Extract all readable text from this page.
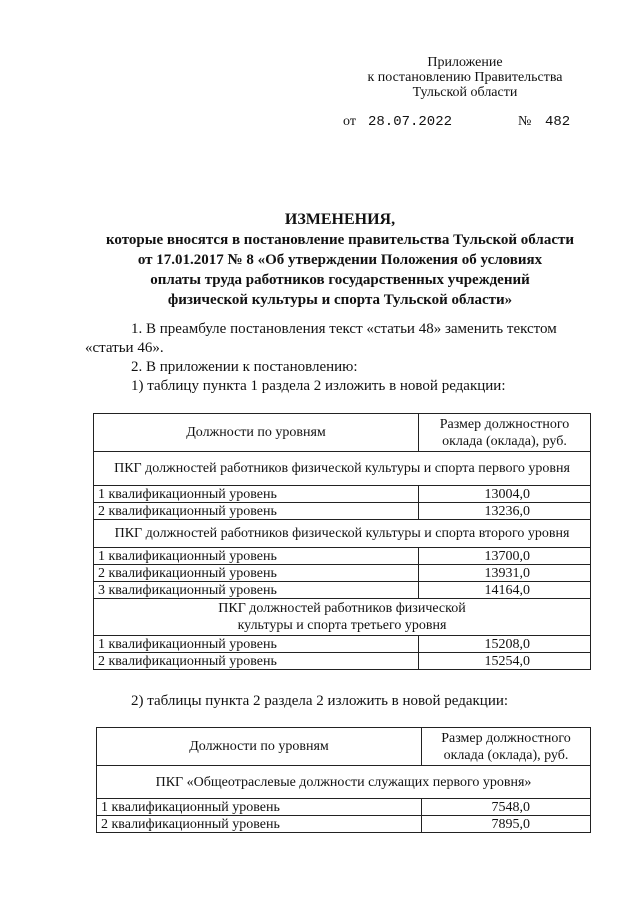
Приложение
к постановлению Правительства
Тульской области
от 28.07.2022	№ 482
ИЗМЕНЕНИЯ,
которые вносятся в постановление правительства Тульской области
от 17.01.2017 № 8 «Об утверждении Положения об условиях
оплаты труда работников государственных учреждений
физической культуры и спорта Тульской области»
1. В преамбуле постановления текст «статьи 48» заменить текстом
«статьи 46».
2. В приложении к постановлению:
1) таблицу пункта 1 раздела 2 изложить в новой редакции:
Должности по уровням	Размер должностного оклада (оклада), руб.
ПКГ должностей работников физической культуры и спорта первого уровня	
1 квалификационный уровень	13004,0
2 квалификационный уровень	13236,0
ПКГ должностей работников физической культуры и спорта второго уровня	
1 квалификационный уровень	13700,0
2 квалификационный уровень	13931,0
3 квалификационный уровень	14164,0
ПКГ должностей работников физической культуры и спорта третьего уровня	
1 квалификационный уровень	15208,0
2 квалификационный уровень	15254,0
2) таблицы пункта 2 раздела 2 изложить в новой редакции:
Должности по уровням	Размер должностного оклада (оклада), руб.
ПКГ «Общеотраслевые должности служащих первого уровня»	
1 квалификационный уровень	7548,0
2 квалификационный уровень	7895,0
